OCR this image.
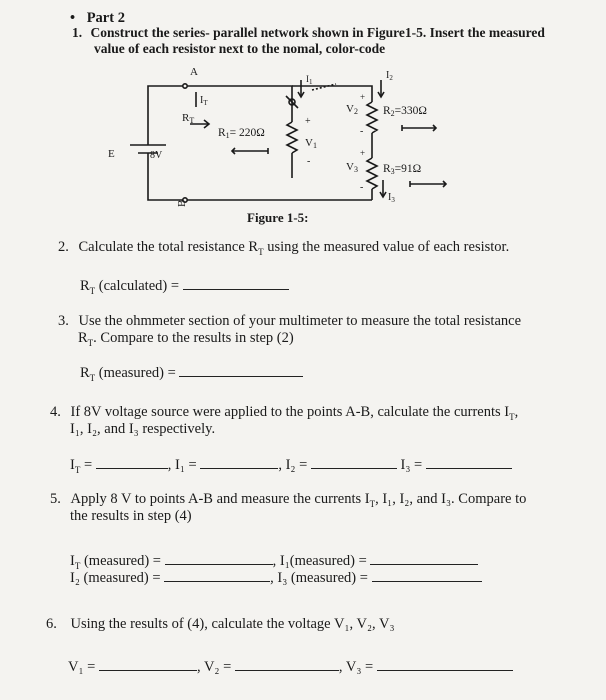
• Part 2
1. Construct the series- parallel network shown in Figure1-5. Insert the measured
value of each resistor next to the nomal, color-code
A
B
E	8V
$I_T$
RT
R1= 220Ω
+
V1
-
$I_1$
$I_2$
$I_3$
+
V2
-
R2=330Ω
+
V3
-
R3=91Ω
Figure 1-5:
2. Calculate the total resistance $R_T$ using the measured value of each resistor.
$R_T$ (calculated) =
3. Use the ohmmeter section of your multimeter to measure the total resistance
$R_T$. Compare to the results in step (2)
$R_T$ (measured) =
4. If 8V voltage source were applied to the points A-B, calculate the currents $I_T$,
I₁, I₂, and I₃ respectively.
$I_T$ =	, I₁ =	, I₂ =	I₃ =
5. Apply 8 V to points A-B and measure the currents $I_T$, I₁, I₂, and I₃. Compare to
the results in step (4)
$I_T$ (measured) =	, I₁(measured) =
I₂ (measured) =	, I₃ (measured) =
6. Using the results of (4), calculate the voltage V₁, V₂, V₃
V₁ =	, V₂ =	, V₃ =
